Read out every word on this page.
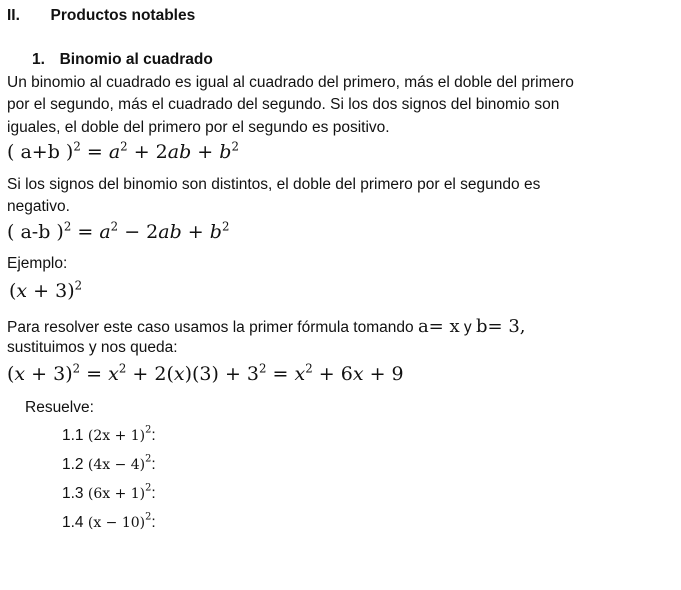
II. Productos notables
1. Binomio al cuadrado
Un binomio al cuadrado es igual al cuadrado del primero, más el doble del primero
por el segundo, más el cuadrado del segundo. Si los dos signos del binomio son
iguales, el doble del primero por el segundo es positivo.
( a+b )$^2 = a^2 + 2ab + b^2$
Si los signos del binomio son distintos, el doble del primero por el segundo es
negativo.
( a-b )$^2 = a^2 - 2ab + b^2$
Ejemplo:
$(x + 3)^2$
Para resolver este caso usamos la primer fórmula tomando a= x y b= 3,
sustituimos y nos queda:
$(x + 3)^2 = x^2 + 2(x)(3) + 3^2 = x^2 + 6x + 9$
Resuelve:
1.1 $(2x + 1)^2$:
1.2 $(4x - 4)^2$:
1.3 $(6x + 1)^2$:
1.4 $(x - 10)^2$:
